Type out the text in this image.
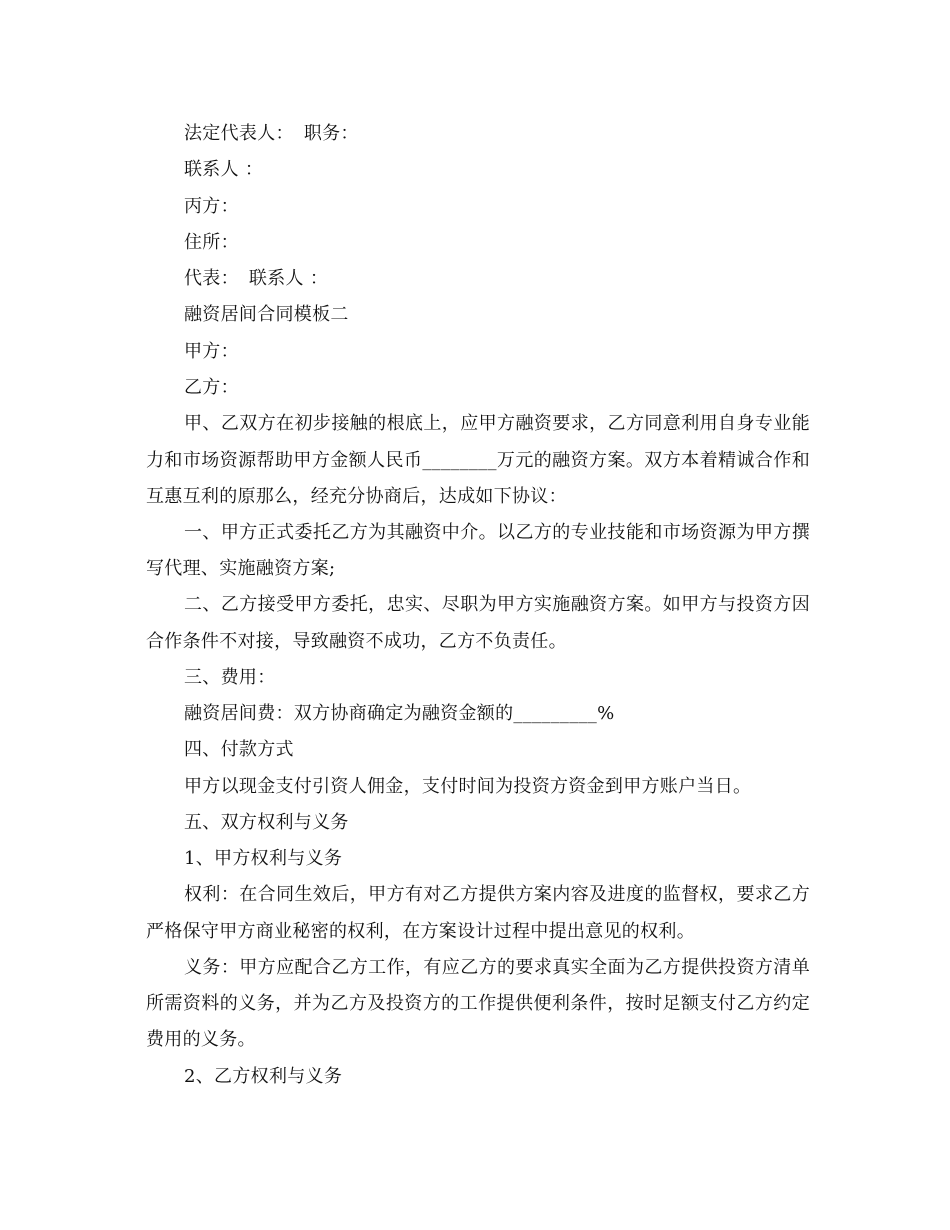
法定代表人： 职务：
联系人 ：
丙方：
住所：
代表： 联系人 ：
融资居间合同模板二
甲方：
乙方：
甲、乙双方在初步接触的根底上，应甲方融资要求，乙方同意利用自身专业能力和市场资源帮助甲方金额人民币________万元的融资方案。双方本着精诚合作和互惠互利的原那么，经充分协商后，达成如下协议：
一、甲方正式委托乙方为其融资中介。以乙方的专业技能和市场资源为甲方撰写代理、实施融资方案;
二、乙方接受甲方委托，忠实、尽职为甲方实施融资方案。如甲方与投资方因合作条件不对接，导致融资不成功，乙方不负责任。
三、费用：
融资居间费：双方协商确定为融资金额的_________%
四、付款方式
甲方以现金支付引资人佣金，支付时间为投资方资金到甲方账户当日。
五、双方权利与义务
1、甲方权利与义务
权利：在合同生效后，甲方有对乙方提供方案内容及进度的监督权，要求乙方严格保守甲方商业秘密的权利，在方案设计过程中提出意见的权利。
义务：甲方应配合乙方工作，有应乙方的要求真实全面为乙方提供投资方清单所需资料的义务，并为乙方及投资方的工作提供便利条件，按时足额支付乙方约定费用的义务。
2、乙方权利与义务
